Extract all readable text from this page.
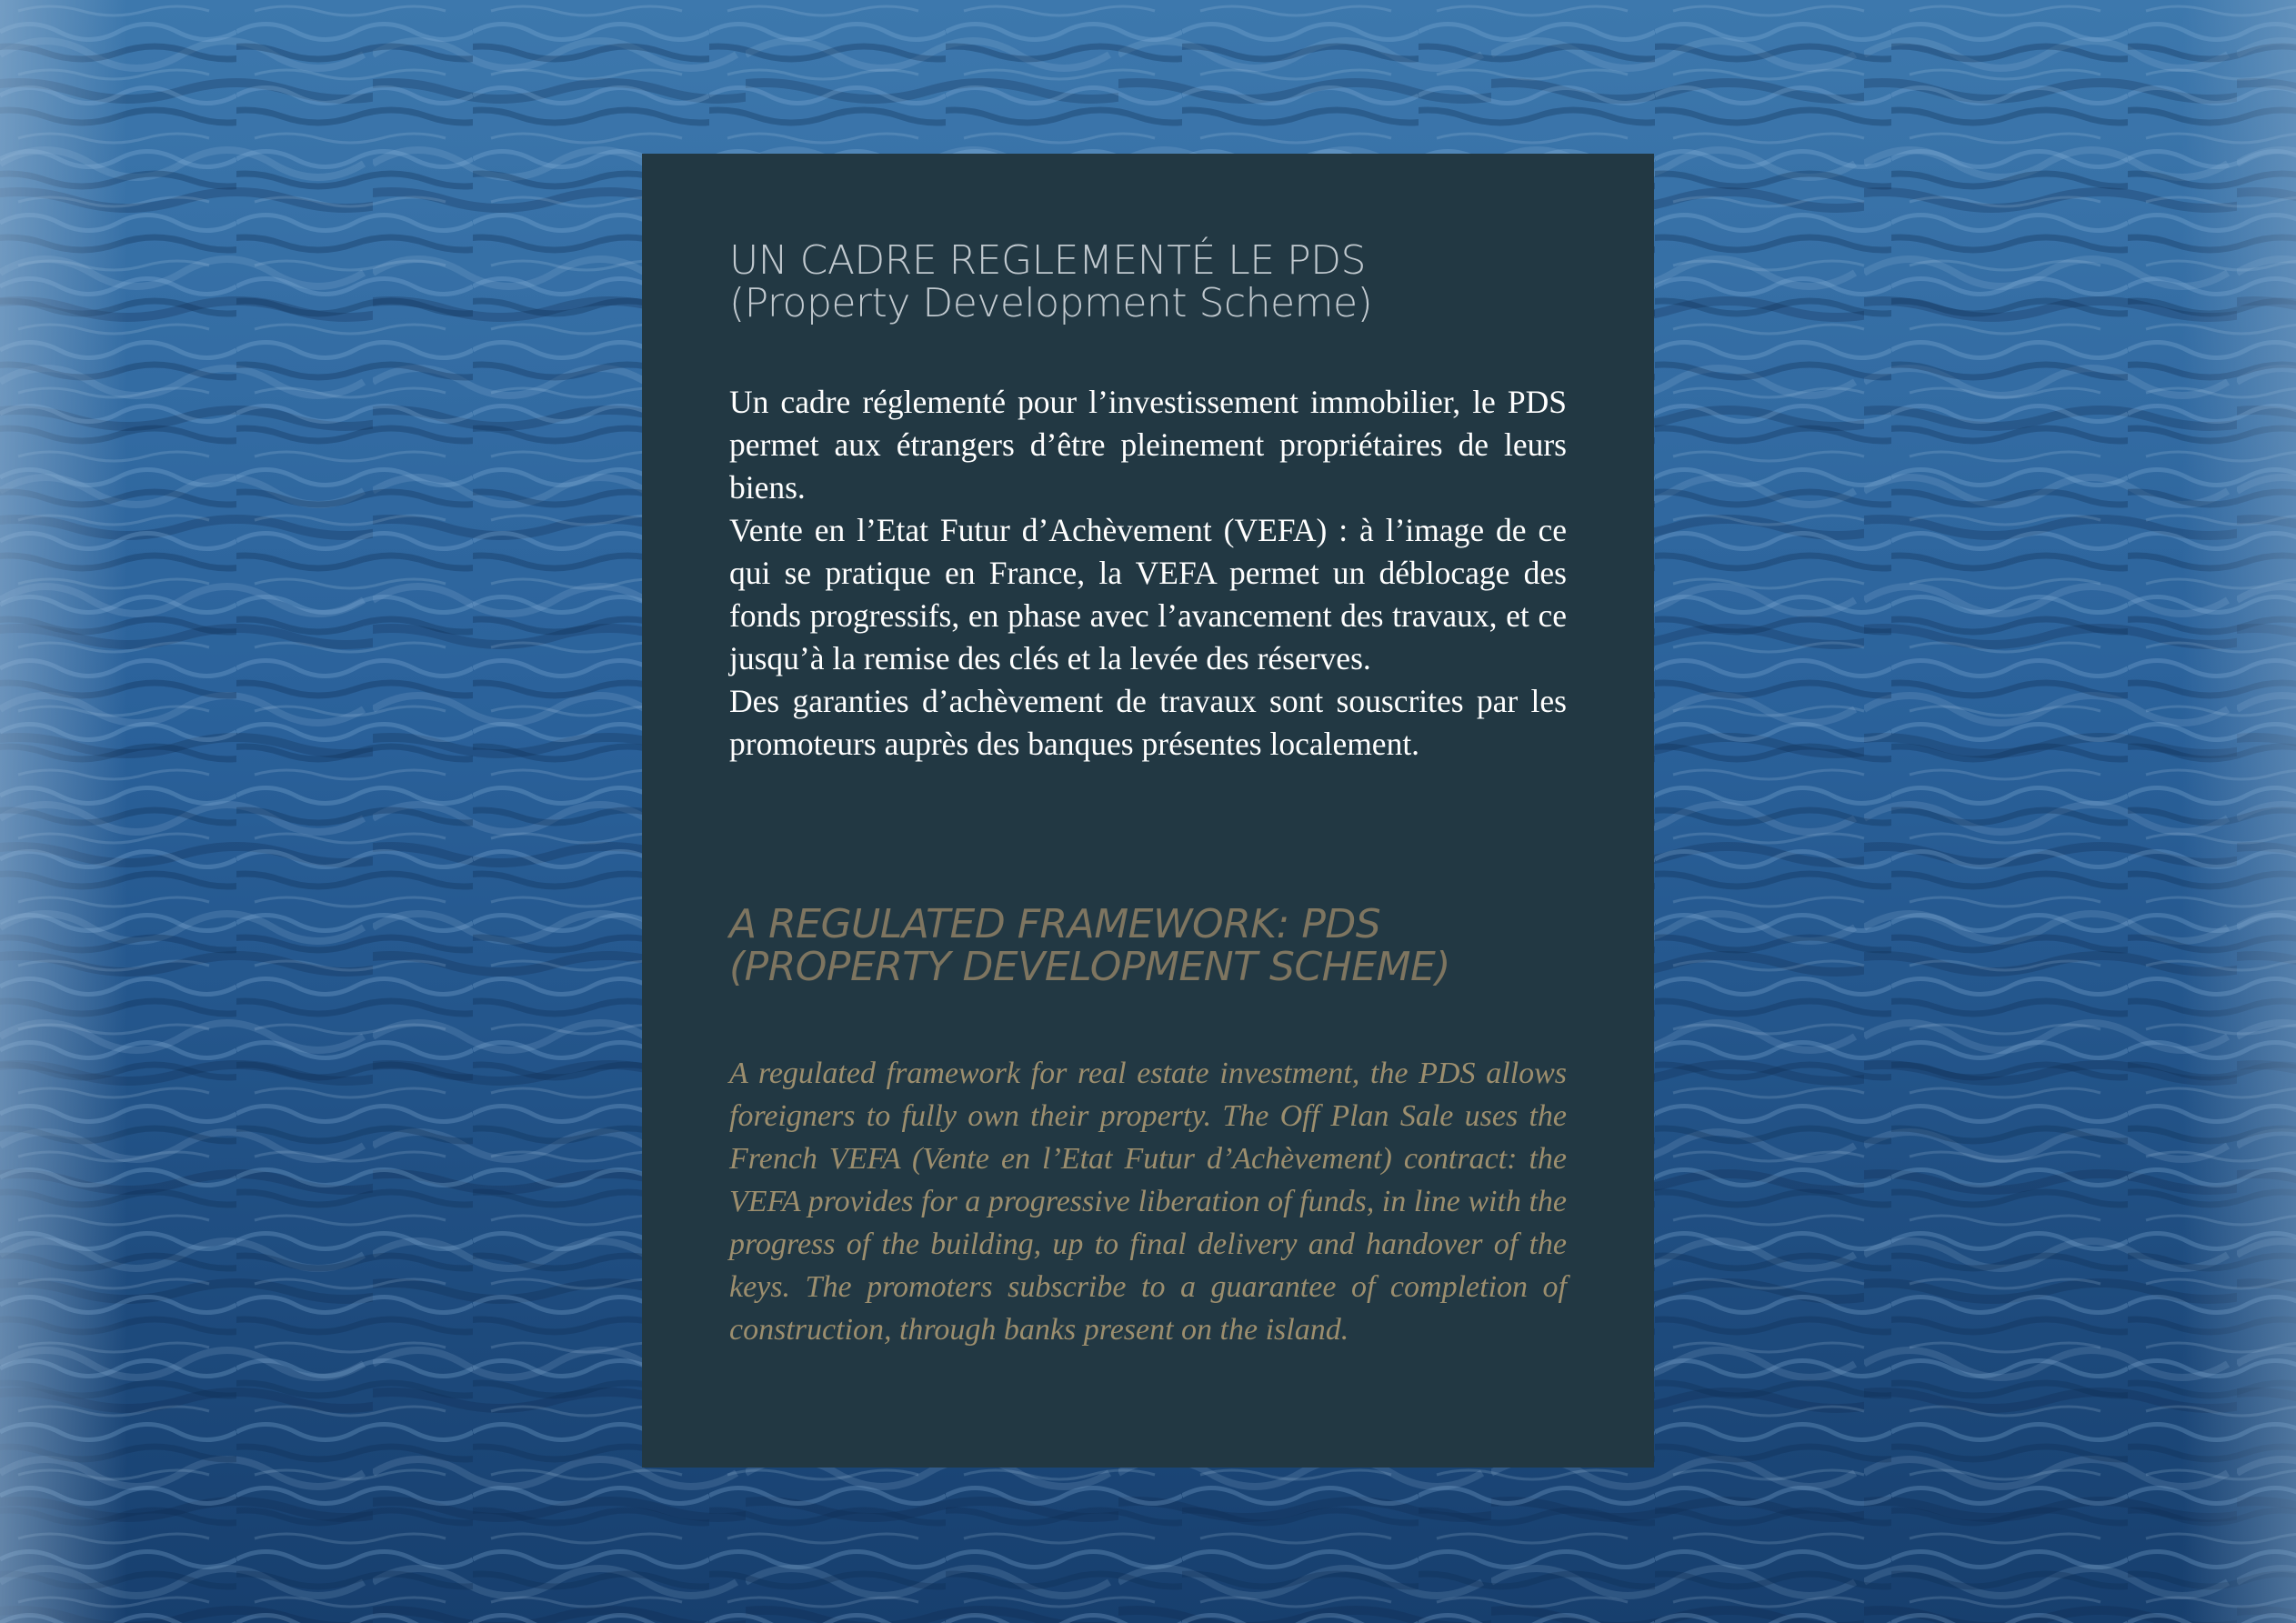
UN CADRE REGLEMENTÉ LE PDS
(Property Development Scheme)

Un cadre réglementé pour l’investissement immobilier, le PDS permet aux étrangers d’être pleinement propriétaires de leurs biens.

Vente en l’Etat Futur d’Achèvement (VEFA) : à l’image de ce qui se pratique en France, la VEFA permet un déblocage des fonds progressifs, en phase avec l’avancement des travaux, et ce jusqu’à la remise des clés et la levée des réserves.

Des garanties d’achèvement de travaux sont souscrites par les promoteurs auprès des banques présentes localement.

A REGULATED FRAMEWORK: PDS
(PROPERTY DEVELOPMENT SCHEME)

A regulated framework for real estate investment, the PDS allows foreigners to fully own their property. The Off Plan Sale uses the French VEFA (Vente en l’Etat Futur d’Achèvement) contract: the VEFA provides for a progressive liberation of funds, in line with the progress of the building, up to final delivery and handover of the keys. The promoters subscribe to a guarantee of completion of construction, through banks present on the island.
